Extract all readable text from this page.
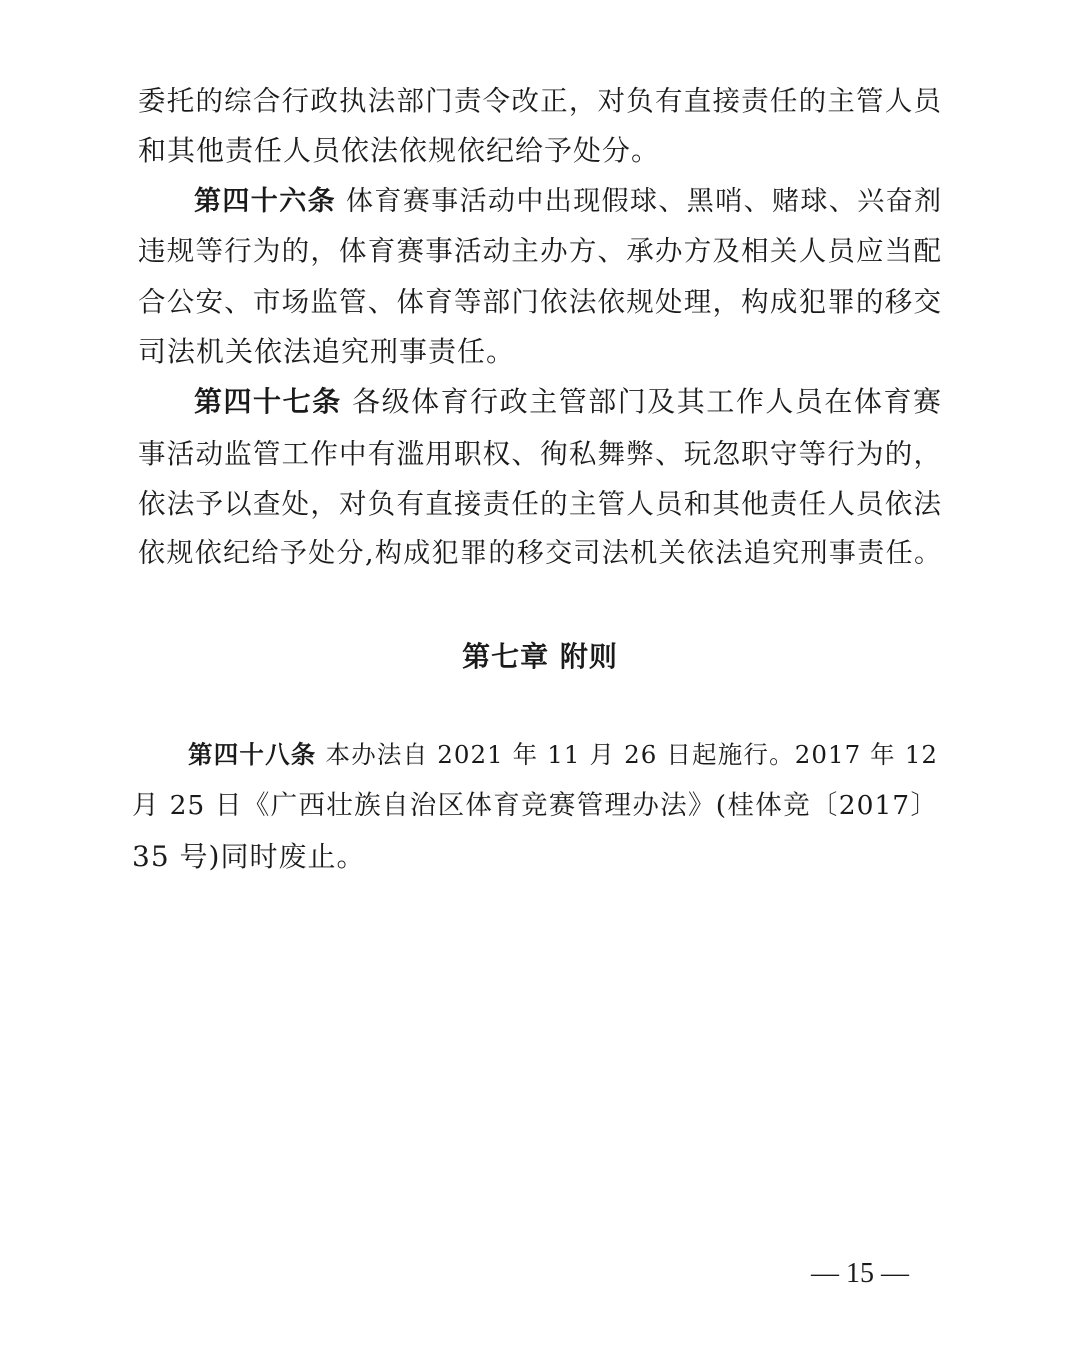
委托的综合行政执法部门责令改正，对负有直接责任的主管人员
和其他责任人员依法依规依纪给予处分。
第四十六条 体育赛事活动中出现假球、黑哨、赌球、兴奋剂
违规等行为的，体育赛事活动主办方、承办方及相关人员应当配
合公安、市场监管、体育等部门依法依规处理，构成犯罪的移交
司法机关依法追究刑事责任。
第四十七条 各级体育行政主管部门及其工作人员在体育赛
事活动监管工作中有滥用职权、徇私舞弊、玩忽职守等行为的，
依法予以查处，对负有直接责任的主管人员和其他责任人员依法
依规依纪给予处分,构成犯罪的移交司法机关依法追究刑事责任。
第七章 附则
第四十八条 本办法自 2021 年 11 月 26 日起施行。2017 年 12
月 25 日《广西壮族自治区体育竞赛管理办法》(桂体竞〔2017〕
35 号)同时废止。
— 15 —
